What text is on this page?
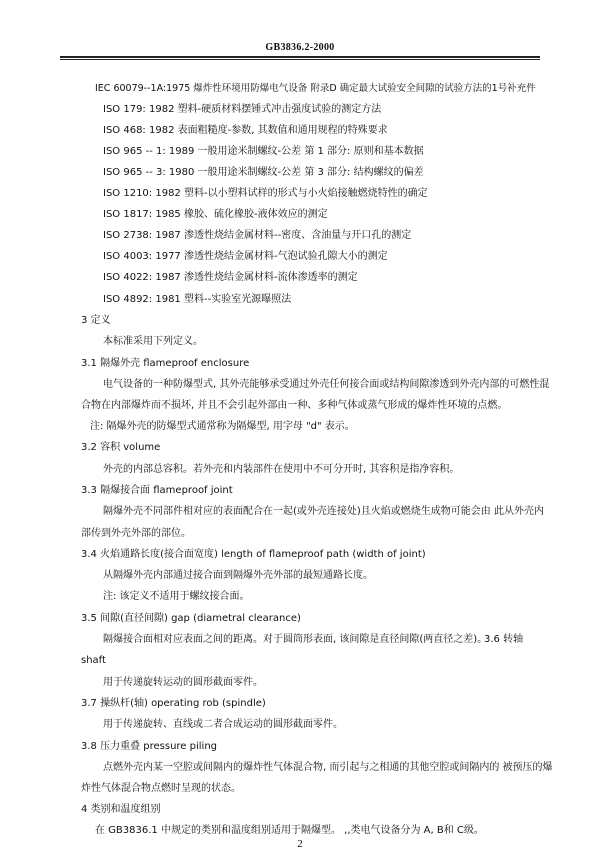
GB3836.2-2000
IEC 60079--1A:1975 爆炸性环境用防爆电气设备 附录D 确定最大试验安全间隙的试验方法的1号补充件
ISO 179: 1982 塑料-硬质材料摆锤式冲击强度试验的测定方法
ISO 468: 1982 表面粗糙度-参数, 其数值和通用规程的特殊要求
ISO 965 -- 1: 1989 一般用途米制螺纹-公差 第 1 部分: 原则和基本数据
ISO 965 -- 3: 1980 一般用途米制螺纹-公差 第 3 部分: 结构螺纹的偏差
ISO 1210: 1982 塑料-以小塑料试样的形式与小火焰接触燃烧特性的确定
ISO 1817: 1985 橡胶、硫化橡胶-液体效应的测定
ISO 2738: 1987 渗透性烧结金属材料--密度、含油量与开口孔的测定
ISO 4003: 1977 渗透性烧结金属材料-气泡试验孔隙大小的测定
ISO 4022: 1987 渗透性烧结金属材料-流体渗透率的测定
ISO 4892: 1981 塑料--实验室光源曝照法
3 定义
本标准采用下列定义。
3.1 隔爆外壳 flameproof enclosure
电气设备的一种防爆型式, 其外壳能够承受通过外壳任何接合面或结构间隙渗透到外壳内部的可燃性混
合物在内部爆炸而不损坏, 并且不会引起外部由一种、多种气体或蒸气形成的爆炸性环境的点燃。
注: 隔爆外壳的防爆型式通常称为隔爆型, 用字母 "d" 表示。
3.2 容积 volume
外壳的内部总容积。若外壳和内装部件在使用中不可分开时, 其容积是指净容积。
3.3 隔爆接合面 flameproof joint
隔爆外壳不同部件相对应的表面配合在一起(或外壳连接处)且火焰或燃烧生成物可能会由 此从外壳内
部传到外壳外部的部位。
3.4 火焰通路长度(接合面宽度) length of flameproof path (width of joint)
从隔爆外壳内部通过接合面到隔爆外壳外部的最短通路长度。
注: 该定义不适用于螺纹接合面。
3.5 间隙(直径间隙) gap (diametral clearance)
隔爆接合面相对应表面之间的距离。对于圆筒形表面, 该间隙是直径间隙(两直径之差)。
3.6 转轴
shaft
用于传递旋转运动的圆形截面零件。
3.7 操纵杆(轴) operating rob (spindle)
用于传递旋转、直线或二者合成运动的圆形截面零件。
3.8 压力重叠 pressure piling
点燃外壳内某一空腔或间隔内的爆炸性气体混合物, 而引起与之相通的其他空腔或间隔内的 被预压的爆
炸性气体混合物点燃时呈现的状态。
4 类别和温度组别
在 GB3836.1 中规定的类别和温度组别适用于隔爆型。 ,,类电气设备分为 A, B和 C级。
2
